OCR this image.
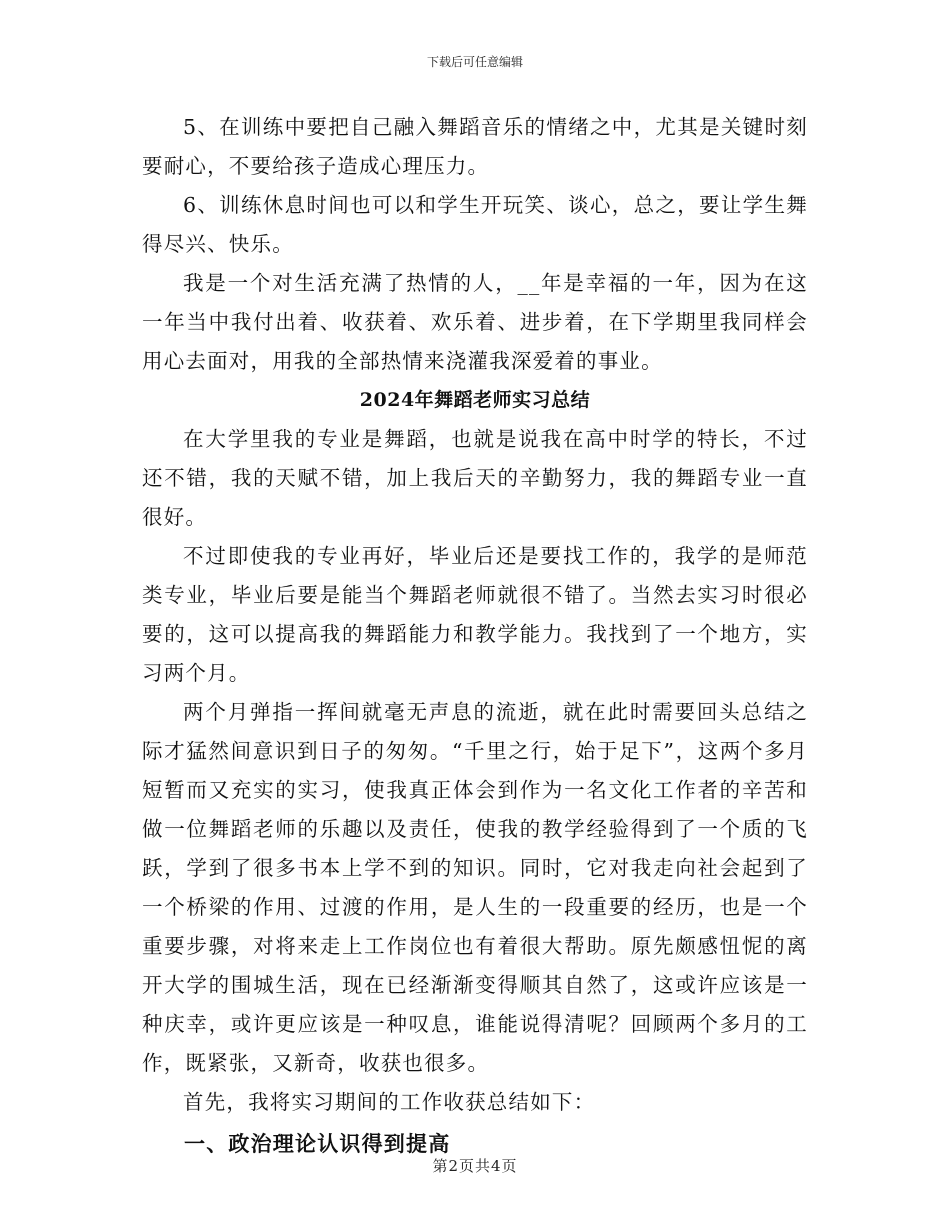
下载后可任意编辑

5、在训练中要把自己融入舞蹈音乐的情绪之中，尤其是关键时刻要耐心，不要给孩子造成心理压力。

6、训练休息时间也可以和学生开玩笑、谈心，总之，要让学生舞得尽兴、快乐。

我是一个对生活充满了热情的人，__年是幸福的一年，因为在这一年当中我付出着、收获着、欢乐着、进步着，在下学期里我同样会用心去面对，用我的全部热情来浇灌我深爱着的事业。

2024年舞蹈老师实习总结

在大学里我的专业是舞蹈，也就是说我在高中时学的特长，不过还不错，我的天赋不错，加上我后天的辛勤努力，我的舞蹈专业一直很好。

不过即使我的专业再好，毕业后还是要找工作的，我学的是师范类专业，毕业后要是能当个舞蹈老师就很不错了。当然去实习时很必要的，这可以提高我的舞蹈能力和教学能力。我找到了一个地方，实习两个月。

两个月弹指一挥间就毫无声息的流逝，就在此时需要回头总结之际才猛然间意识到日子的匆匆。“千里之行，始于足下”，这两个多月短暂而又充实的实习，使我真正体会到作为一名文化工作者的辛苦和做一位舞蹈老师的乐趣以及责任，使我的教学经验得到了一个质的飞跃，学到了很多书本上学不到的知识。同时，它对我走向社会起到了一个桥梁的作用、过渡的作用，是人生的一段重要的经历，也是一个重要步骤，对将来走上工作岗位也有着很大帮助。原先颇感忸怩的离开大学的围城生活，现在已经渐渐变得顺其自然了，这或许应该是一种庆幸，或许更应该是一种叹息，谁能说得清呢？回顾两个多月的工作，既紧张，又新奇，收获也很多。

首先，我将实习期间的工作收获总结如下：

一、政治理论认识得到提高

第2页共4页
